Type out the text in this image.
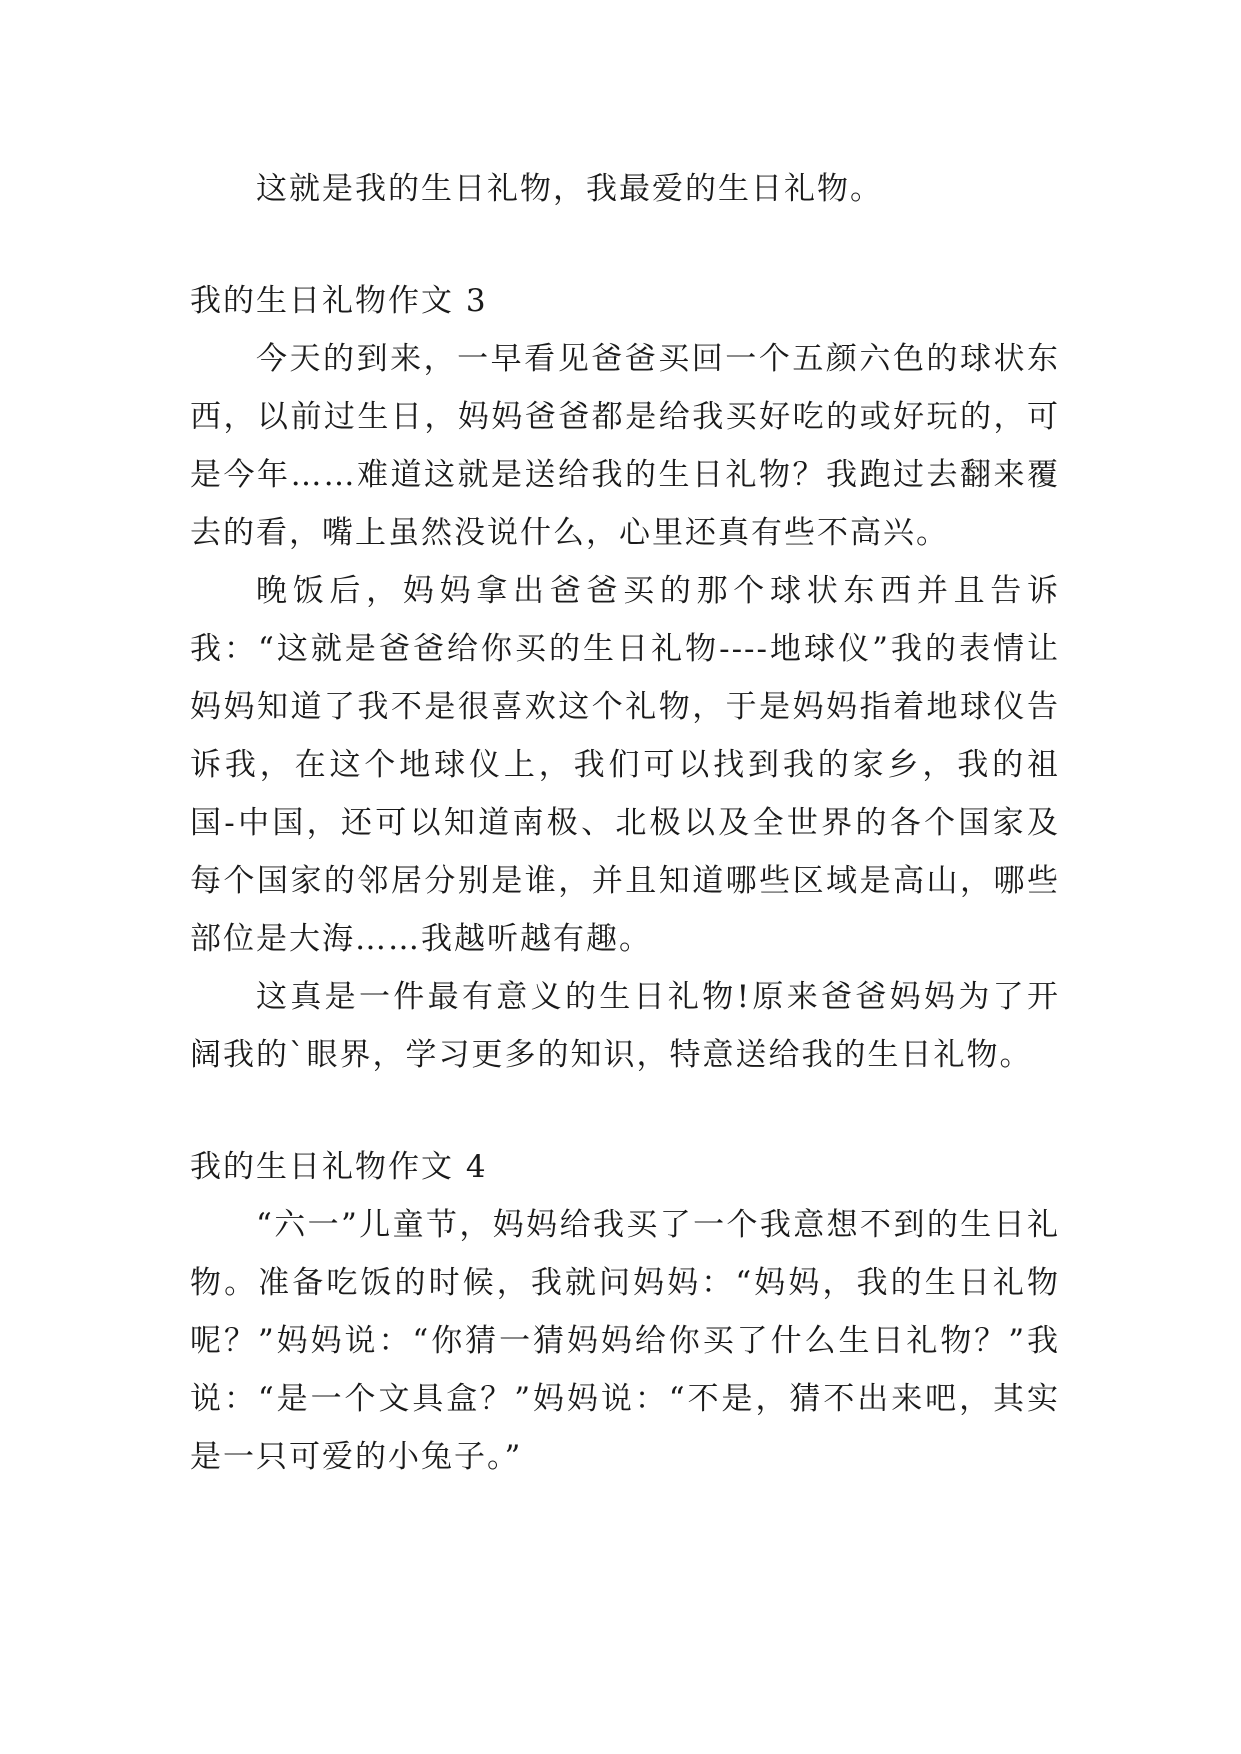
这就是我的生日礼物，我最爱的生日礼物。

我的生日礼物作文 3

今天的到来，一早看见爸爸买回一个五颜六色的球状东西，以前过生日，妈妈爸爸都是给我买好吃的或好玩的，可是今年……难道这就是送给我的生日礼物？我跑过去翻来覆去的看，嘴上虽然没说什么，心里还真有些不高兴。

晚饭后，妈妈拿出爸爸买的那个球状东西并且告诉我：“这就是爸爸给你买的生日礼物----地球仪”我的表情让妈妈知道了我不是很喜欢这个礼物，于是妈妈指着地球仪告诉我，在这个地球仪上，我们可以找到我的家乡，我的祖国-中国，还可以知道南极、北极以及全世界的各个国家及每个国家的邻居分别是谁，并且知道哪些区域是高山，哪些部位是大海……我越听越有趣。

这真是一件最有意义的生日礼物!原来爸爸妈妈为了开阔我的`眼界，学习更多的知识，特意送给我的生日礼物。

我的生日礼物作文 4

“六一”儿童节，妈妈给我买了一个我意想不到的生日礼物。准备吃饭的时候，我就问妈妈：“妈妈，我的生日礼物呢？”妈妈说：“你猜一猜妈妈给你买了什么生日礼物？”我说：“是一个文具盒？”妈妈说：“不是，猜不出来吧，其实是一只可爱的小兔子。”
